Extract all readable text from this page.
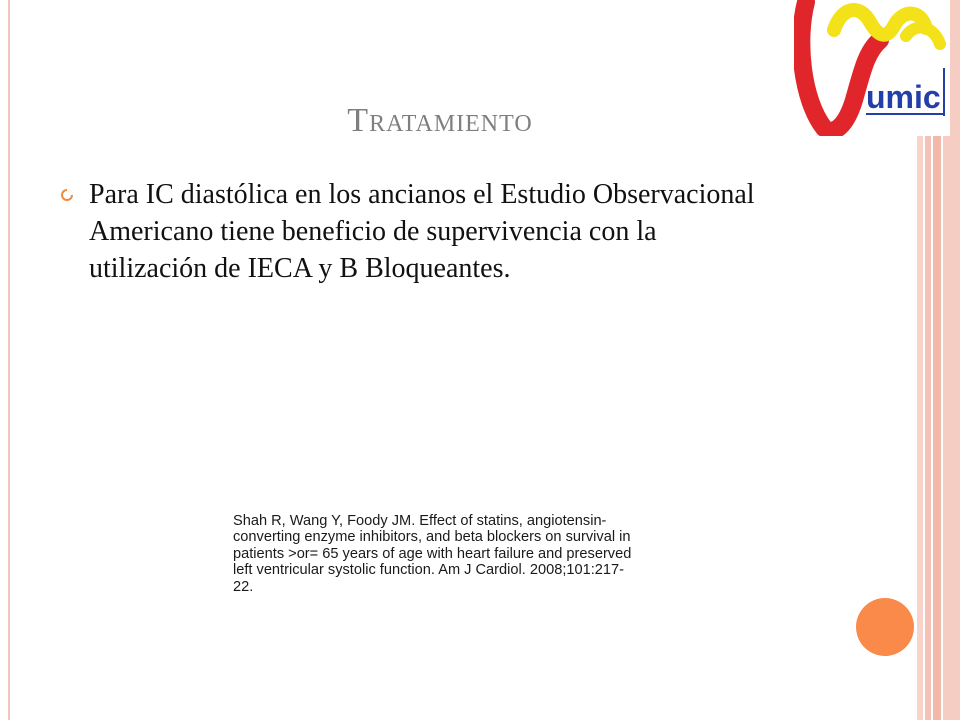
umic
Tratamiento
Para IC diastólica en los ancianos el Estudio Observacional Americano tiene beneficio de supervivencia con la utilización de IECA y B Bloqueantes.
Shah R, Wang Y, Foody JM. Effect of statins, angiotensin-
converting enzyme inhibitors, and beta blockers on survival in
patients >or= 65 years of age with heart failure and preserved
left ventricular systolic function. Am J Cardiol. 2008;101:217-
22.
